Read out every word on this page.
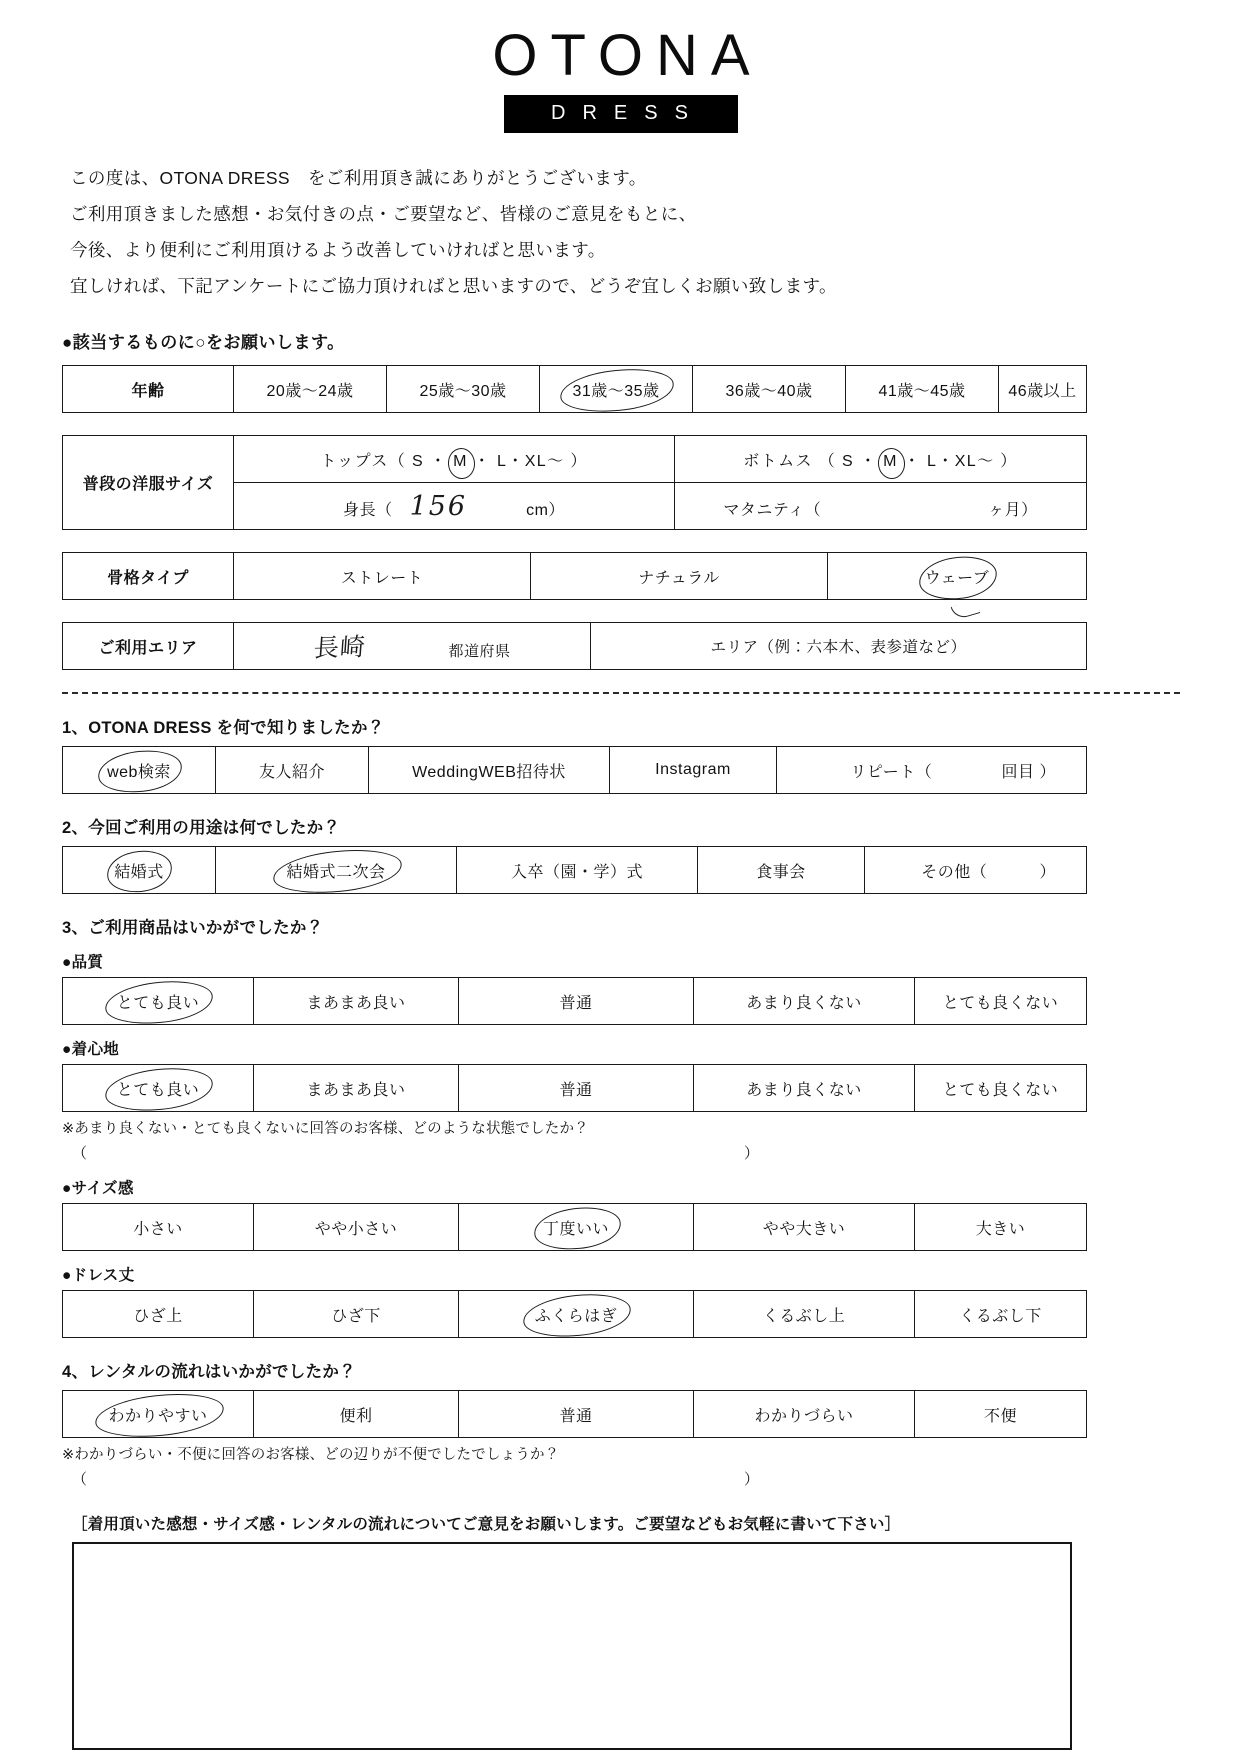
OTONA
DRESS
この度は、OTONA DRESS　をご利用頂き誠にありがとうございます。
ご利用頂きました感想・お気付きの点・ご要望など、皆様のご意見をもとに、
今後、より便利にご利用頂けるよう改善していければと思います。
宜しければ、下記アンケートにご協力頂ければと思いますので、どうぞ宜しくお願い致します。
●該当するものに○をお願いします。
年齢	20歳～24歳	25歳～30歳	31歳～35歳	36歳～40歳	41歳～45歳	46歳以上
普段の洋服サイズ	トップス（ S ・ M ・ L・XL～ ）	ボトムス （ S ・ M ・ L・XL～ ）
	身長（ 156 cm）	マタニティ（ ヶ月）
骨格タイプ	ストレート	ナチュラル	ウェーブ
ご利用エリア	長崎	都道府県	エリア（例：六本木、表参道など）
1、OTONA DRESS を何で知りましたか？
web検索	友人紹介	WeddingWEB招待状	Instagram	リピート（	回目 ）
2、今回ご利用の用途は何でしたか？
結婚式	結婚式二次会	入卒（園・学）式	食事会	その他（	）
3、ご利用商品はいかがでしたか？
●品質
とても良い	まあまあ良い	普通	あまり良くない	とても良くない
●着心地
とても良い	まあまあ良い	普通	あまり良くない	とても良くない
※あまり良くない・とても良くないに回答のお客様、どのような状態でしたか？
（	）
●サイズ感
小さい	やや小さい	丁度いい	やや大きい	大きい
●ドレス丈
ひざ上	ひざ下	ふくらはぎ	くるぶし上	くるぶし下
4、レンタルの流れはいかがでしたか？
わかりやすい	便利	普通	わかりづらい	不便
※わかりづらい・不便に回答のお客様、どの辺りが不便でしたでしょうか？
（	）
［着用頂いた感想・サイズ感・レンタルの流れについてご意見をお願いします。ご要望などもお気軽に書いて下さい］
